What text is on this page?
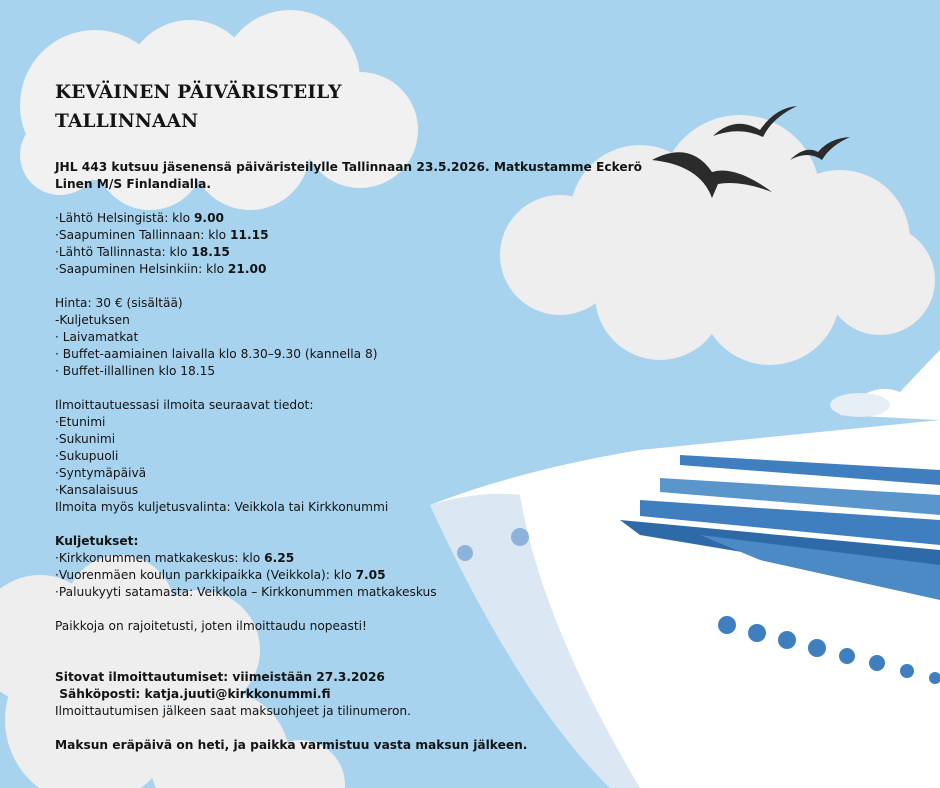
KEVÄINEN PÄIVÄRISTEILY
TALLINNAAN

JHL 443 kutsuu jäsenensä päiväristeilylle Tallinnaan 23.5.2026. Matkustamme Eckerö Linen M/S Finlandialla.

·Lähtö Helsingistä: klo 9.00

·Saapuminen Tallinnaan: klo 11.15

·Lähtö Tallinnasta: klo 18.15

·Saapuminen Helsinkiin: klo 21.00

Hinta: 30 € (sisältää)

-Kuljetuksen

· Laivamatkat

· Buffet-aamiainen laivalla klo 8.30–9.30 (kannella 8)

· Buffet-illallinen klo 18.15

Ilmoittautuessasi ilmoita seuraavat tiedot:

·Etunimi

·Sukunimi

·Sukupuoli

·Syntymäpäivä

·Kansalaisuus

Ilmoita myös kuljetusvalinta: Veikkola tai Kirkkonummi

Kuljetukset:

·Kirkkonummen matkakeskus: klo 6.25

·Vuorenmäen koulun parkkipaikka (Veikkola): klo 7.05

·Paluukyyti satamasta: Veikkola – Kirkkonummen matkakeskus

Paikkoja on rajoitetusti, joten ilmoittaudu nopeasti!

Sitovat ilmoittautumiset: viimeistään 27.3.2026

Sähköposti: katja.juuti@kirkkonummi.fi

Ilmoittautumisen jälkeen saat maksuohjeet ja tilinumeron.

Maksun eräpäivä on heti, ja paikka varmistuu vasta maksun jälkeen.
